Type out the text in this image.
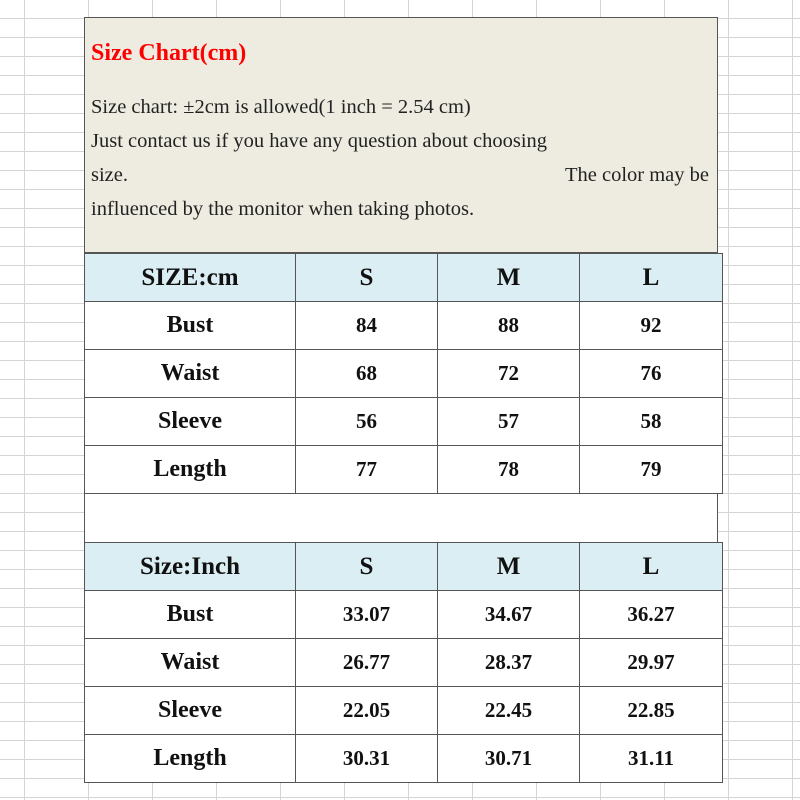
Size Chart(cm)
Size chart: ±2cm is allowed(1 inch = 2.54 cm)
Just contact us if you have any question about choosing
size.	The color may be
influenced by the monitor when taking photos.
SIZE:cm	S	M	L
Bust	84	88	92
Waist	68	72	76
Sleeve	56	57	58
Length	77	78	79
Size:Inch	S	M	L
Bust	33.07	34.67	36.27
Waist	26.77	28.37	29.97
Sleeve	22.05	22.45	22.85
Length	30.31	30.71	31.11
